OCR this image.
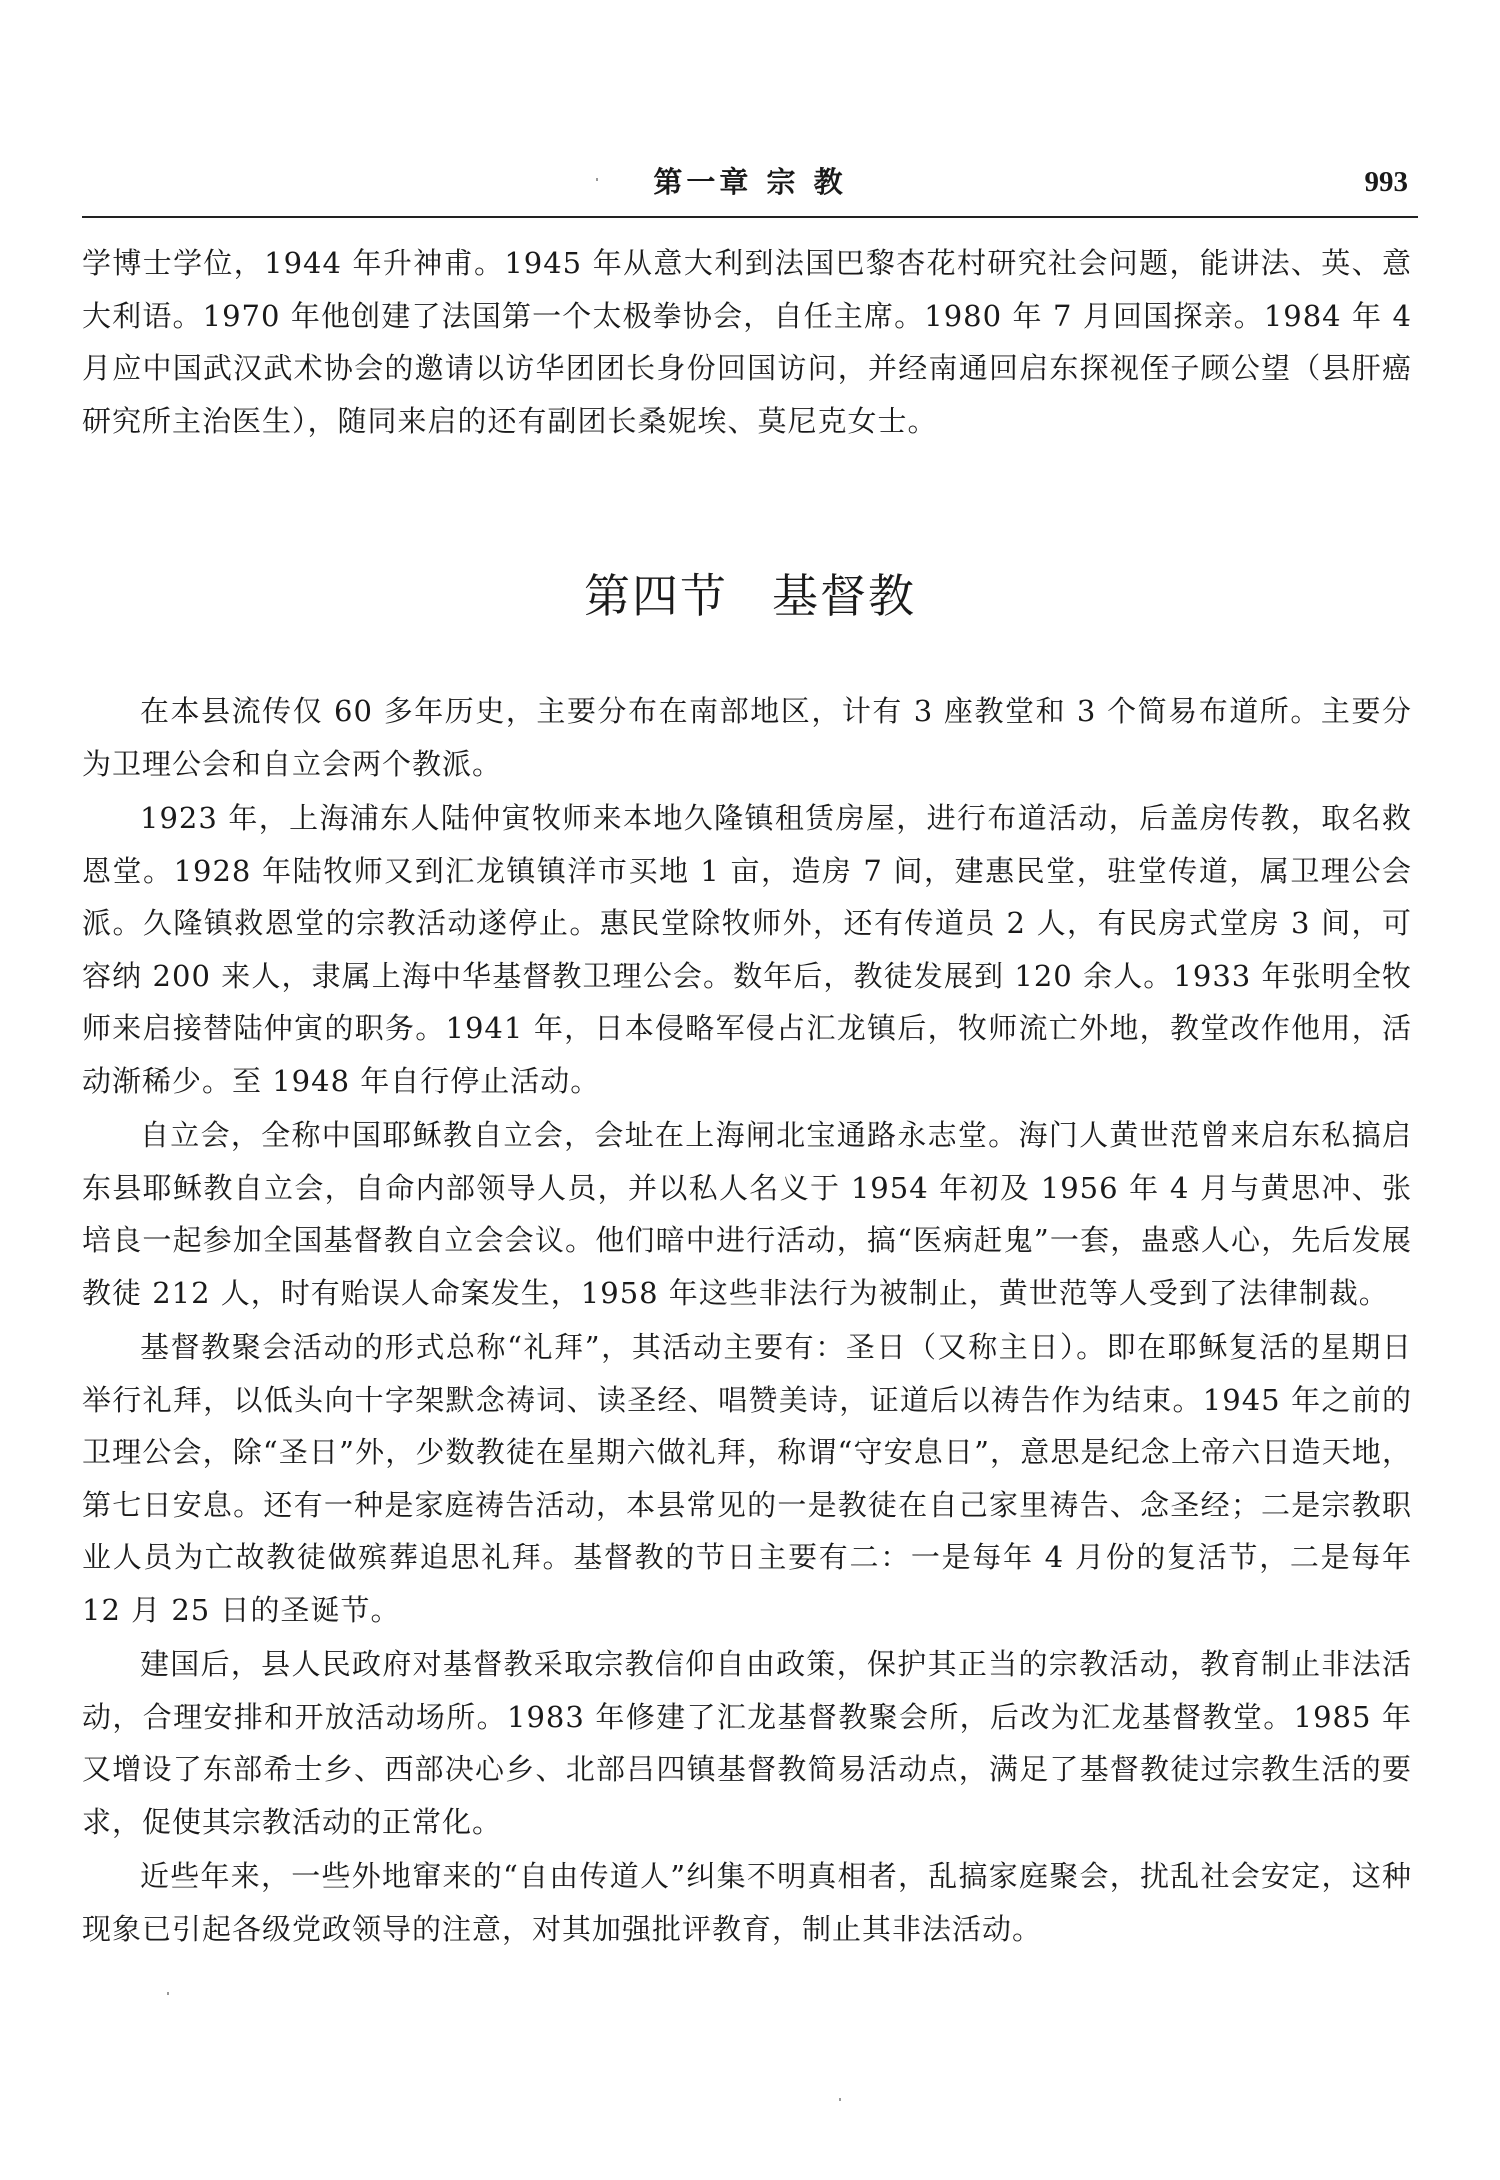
第一章 宗 教	993

学博士学位，1944 年升神甫。1945 年从意大利到法国巴黎杏花村研究社会问题，能讲法、英、意大利语。1970 年他创建了法国第一个太极拳协会，自任主席。1980 年 7 月回国探亲。1984 年 4 月应中国武汉武术协会的邀请以访华团团长身份回国访问，并经南通回启东探视侄子顾公望（县肝癌研究所主治医生），随同来启的还有副团长桑妮埃、莫尼克女士。

第四节 基督教

在本县流传仅 60 多年历史，主要分布在南部地区，计有 3 座教堂和 3 个简易布道所。主要分为卫理公会和自立会两个教派。

1923 年，上海浦东人陆仲寅牧师来本地久隆镇租赁房屋，进行布道活动，后盖房传教，取名救恩堂。1928 年陆牧师又到汇龙镇镇洋市买地 1 亩，造房 7 间，建惠民堂，驻堂传道，属卫理公会派。久隆镇救恩堂的宗教活动遂停止。惠民堂除牧师外，还有传道员 2 人，有民房式堂房 3 间，可容纳 200 来人，隶属上海中华基督教卫理公会。数年后，教徒发展到 120 余人。1933 年张明全牧师来启接替陆仲寅的职务。1941 年，日本侵略军侵占汇龙镇后，牧师流亡外地，教堂改作他用，活动渐稀少。至 1948 年自行停止活动。

自立会，全称中国耶稣教自立会，会址在上海闸北宝通路永志堂。海门人黄世范曾来启东私搞启东县耶稣教自立会，自命内部领导人员，并以私人名义于 1954 年初及 1956 年 4 月与黄思冲、张培良一起参加全国基督教自立会会议。他们暗中进行活动，搞“医病赶鬼”一套，蛊惑人心，先后发展教徒 212 人，时有贻误人命案发生，1958 年这些非法行为被制止，黄世范等人受到了法律制裁。

基督教聚会活动的形式总称“礼拜”，其活动主要有：圣日（又称主日）。即在耶稣复活的星期日举行礼拜，以低头向十字架默念祷词、读圣经、唱赞美诗，证道后以祷告作为结束。1945 年之前的卫理公会，除“圣日”外，少数教徒在星期六做礼拜，称谓“守安息日”，意思是纪念上帝六日造天地，第七日安息。还有一种是家庭祷告活动，本县常见的一是教徒在自己家里祷告、念圣经；二是宗教职业人员为亡故教徒做殡葬追思礼拜。基督教的节日主要有二：一是每年 4 月份的复活节，二是每年 12 月 25 日的圣诞节。

建国后，县人民政府对基督教采取宗教信仰自由政策，保护其正当的宗教活动，教育制止非法活动，合理安排和开放活动场所。1983 年修建了汇龙基督教聚会所，后改为汇龙基督教堂。1985 年又增设了东部希士乡、西部决心乡、北部吕四镇基督教简易活动点，满足了基督教徒过宗教生活的要求，促使其宗教活动的正常化。

近些年来，一些外地窜来的“自由传道人”纠集不明真相者，乱搞家庭聚会，扰乱社会安定，这种现象已引起各级党政领导的注意，对其加强批评教育，制止其非法活动。
